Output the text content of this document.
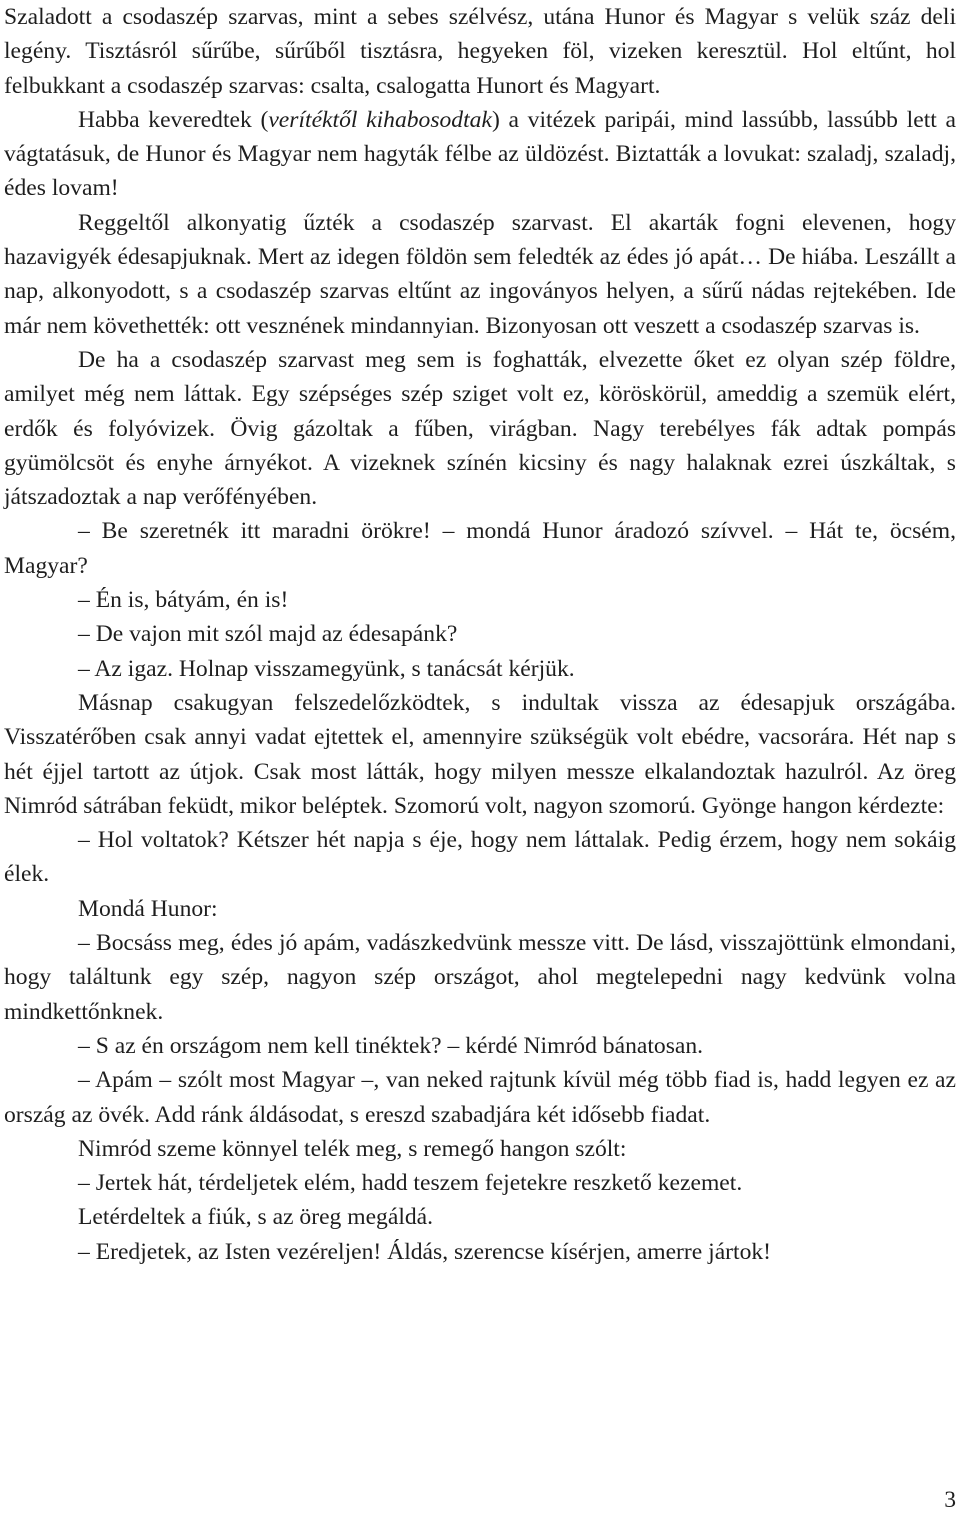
Szaladott a csodaszép szarvas, mint a sebes szélvész, utána Hunor és Magyar s velük száz deli legény. Tisztásról sűrűbe, sűrűből tisztásra, hegyeken föl, vizeken keresztül. Hol eltűnt, hol felbukkant a csodaszép szarvas: csalta, csalogatta Hunort és Magyart.

Habba keveredtek (verítéktől kihabosodtak) a vitézek paripái, mind lassúbb, lassúbb lett a vágtatásuk, de Hunor és Magyar nem hagyták félbe az üldözést. Biztatták a lovukat: szaladj, szaladj, édes lovam!

Reggeltől alkonyatig űzték a csodaszép szarvast. El akarták fogni elevenen, hogy hazavigyék édesapjuknak. Mert az idegen földön sem feledték az édes jó apát… De hiába. Leszállt a nap, alkonyodott, s a csodaszép szarvas eltűnt az ingoványos helyen, a sűrű nádas rejtekében. Ide már nem követhették: ott vesznének mindannyian. Bizonyosan ott veszett a csodaszép szarvas is.

De ha a csodaszép szarvast meg sem is foghatták, elvezette őket ez olyan szép földre, amilyet még nem láttak. Egy szépséges szép sziget volt ez, köröskörül, ameddig a szemük elért, erdők és folyóvizek. Övig gázoltak a fűben, virágban. Nagy terebélyes fák adtak pompás gyümölcsöt és enyhe árnyékot. A vizeknek színén kicsiny és nagy halaknak ezrei úszkáltak, s játszadoztak a nap verőfényében.

– Be szeretnék itt maradni örökre! – mondá Hunor áradozó szívvel. – Hát te, öcsém, Magyar?

– Én is, bátyám, én is!

– De vajon mit szól majd az édesapánk?

– Az igaz. Holnap visszamegyünk, s tanácsát kérjük.

Másnap csakugyan felszedelőzködtek, s indultak vissza az édesapjuk országába. Visszatérőben csak annyi vadat ejtettek el, amennyire szükségük volt ebédre, vacsorára. Hét nap s hét éjjel tartott az útjok. Csak most látták, hogy milyen messze elkalandoztak hazulról. Az öreg Nimród sátrában feküdt, mikor beléptek. Szomorú volt, nagyon szomorú. Gyönge hangon kérdezte:

– Hol voltatok? Kétszer hét napja s éje, hogy nem láttalak. Pedig érzem, hogy nem sokáig élek.

Mondá Hunor:

– Bocsáss meg, édes jó apám, vadászkedvünk messze vitt. De lásd, visszajöttünk elmondani, hogy találtunk egy szép, nagyon szép országot, ahol megtelepedni nagy kedvünk volna mindkettőnknek.

– S az én országom nem kell tinéktek? – kérdé Nimród bánatosan.

– Apám – szólt most Magyar –, van neked rajtunk kívül még több fiad is, hadd legyen ez az ország az övék. Add ránk áldásodat, s ereszd szabadjára két idősebb fiadat.

Nimród szeme könnyel telék meg, s remegő hangon szólt:

– Jertek hát, térdeljetek elém, hadd teszem fejetekre reszkető kezemet.

Letérdeltek a fiúk, s az öreg megáldá.

– Eredjetek, az Isten vezéreljen! Áldás, szerencse kísérjen, amerre jártok!

3
